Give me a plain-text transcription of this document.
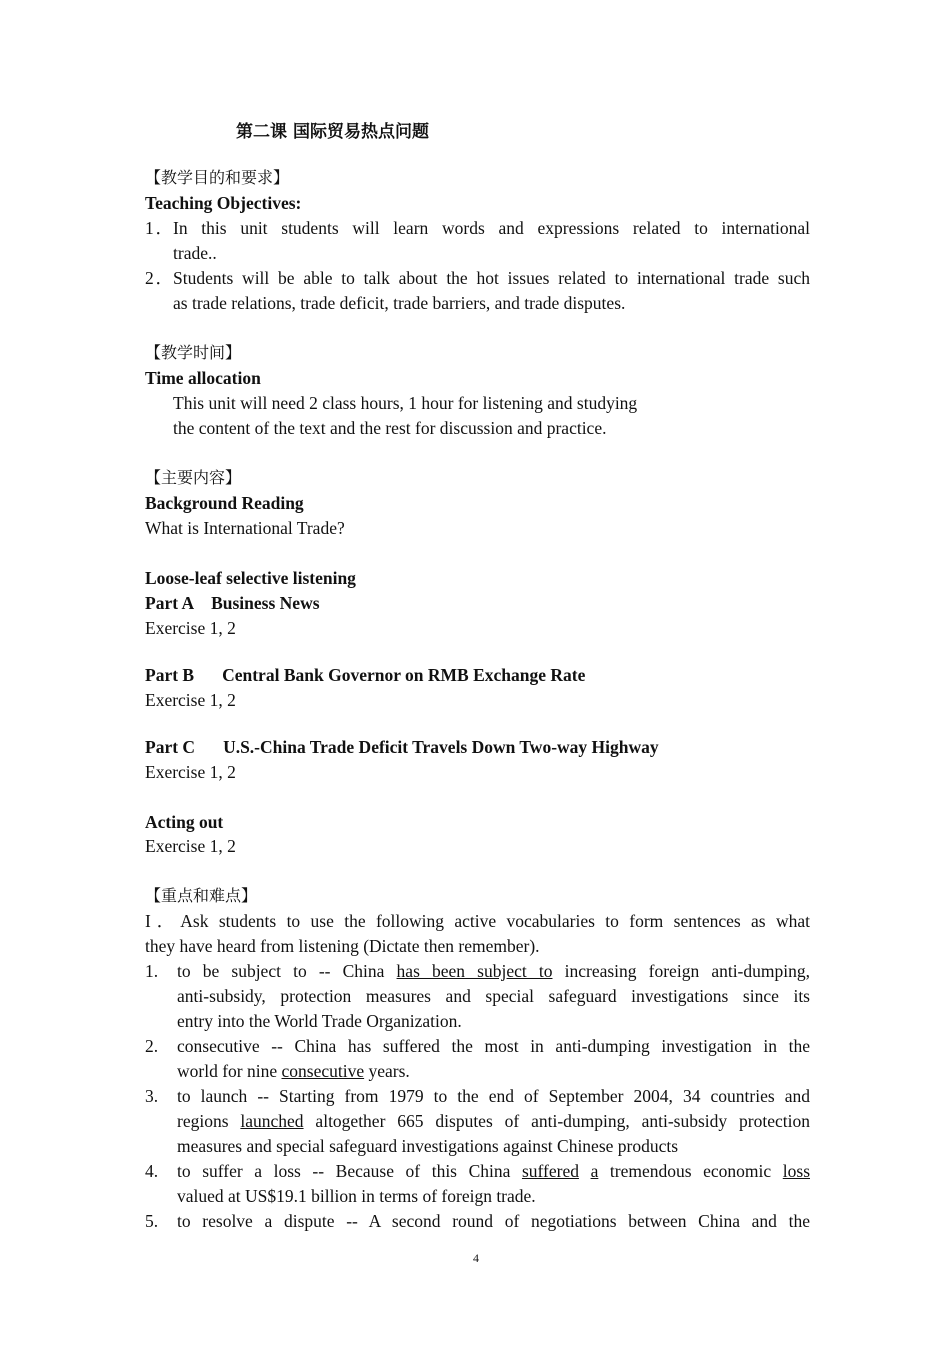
第二课 国际贸易热点问题
【教学目的和要求】
Teaching Objectives:
1．In this unit students will learn words and expressions related to international
trade..
2．Students will be able to talk about the hot issues related to international trade such
as trade relations, trade deficit, trade barriers, and trade disputes.
【教学时间】
Time allocation
This unit will need 2 class hours, 1 hour for listening and studying
the content of the text and the rest for discussion and practice.
【主要内容】
Background Reading
What is International Trade?
Loose-leaf selective listening
Part A Business News
Exercise 1, 2
Part B Central Bank Governor on RMB Exchange Rate
Exercise 1, 2
Part C U.S.-China Trade Deficit Travels Down Two-way Highway
Exercise 1, 2
Acting out
Exercise 1, 2
【重点和难点】
I．Ask students to use the following active vocabularies to form sentences as what
they have heard from listening (Dictate then remember).
1. to be subject to -- China has been subject to increasing foreign anti-dumping,
anti-subsidy, protection measures and special safeguard investigations since its
entry into the World Trade Organization.
2. consecutive -- China has suffered the most in anti-dumping investigation in the
world for nine consecutive years.
3. to launch -- Starting from 1979 to the end of September 2004, 34 countries and
regions launched altogether 665 disputes of anti-dumping, anti-subsidy protection
measures and special safeguard investigations against Chinese products
4. to suffer a loss -- Because of this China suffered a tremendous economic loss
valued at US$19.1 billion in terms of foreign trade.
5. to resolve a dispute -- A second round of negotiations between China and the
4
